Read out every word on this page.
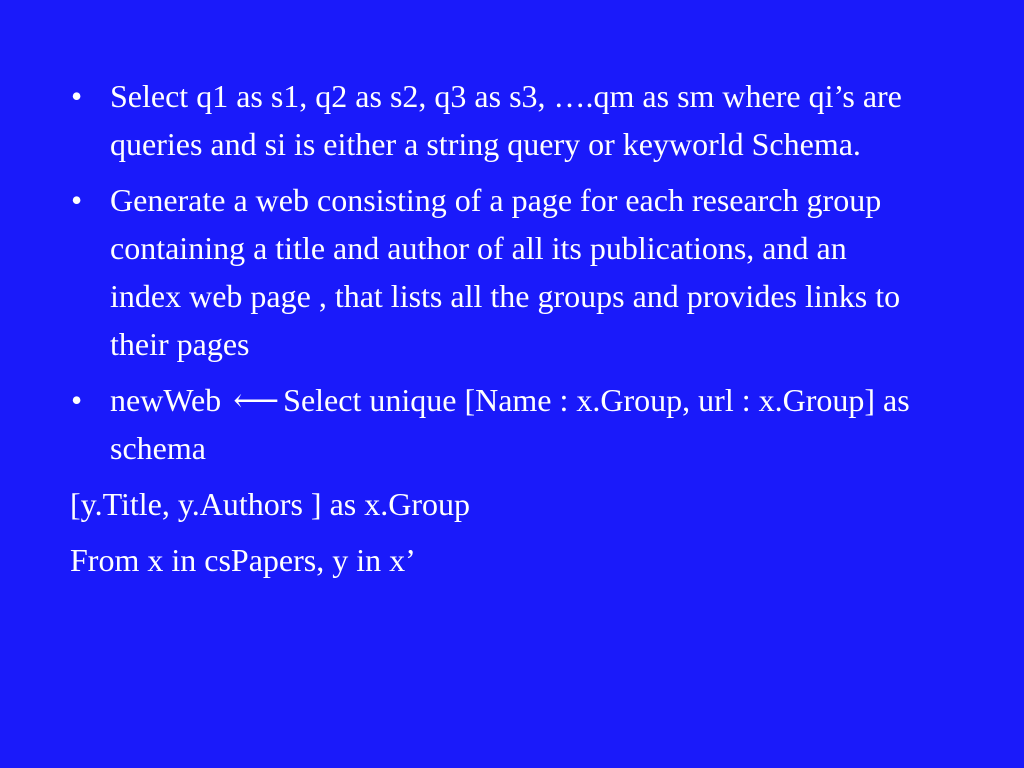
• Select q1 as s1, q2 as s2, q3 as s3, ….qm as sm where qi’s are queries and si is either a string query or keyworld Schema.
• Generate a web consisting of a page for each research group containing a title and author of all its publications, and an index web page , that lists all the groups and provides links to their pages
• newWeb ⟵ Select unique [Name : x.Group, url : x.Group] as schema
[y.Title, y.Authors ] as x.Group
From x in csPapers, y in x’
